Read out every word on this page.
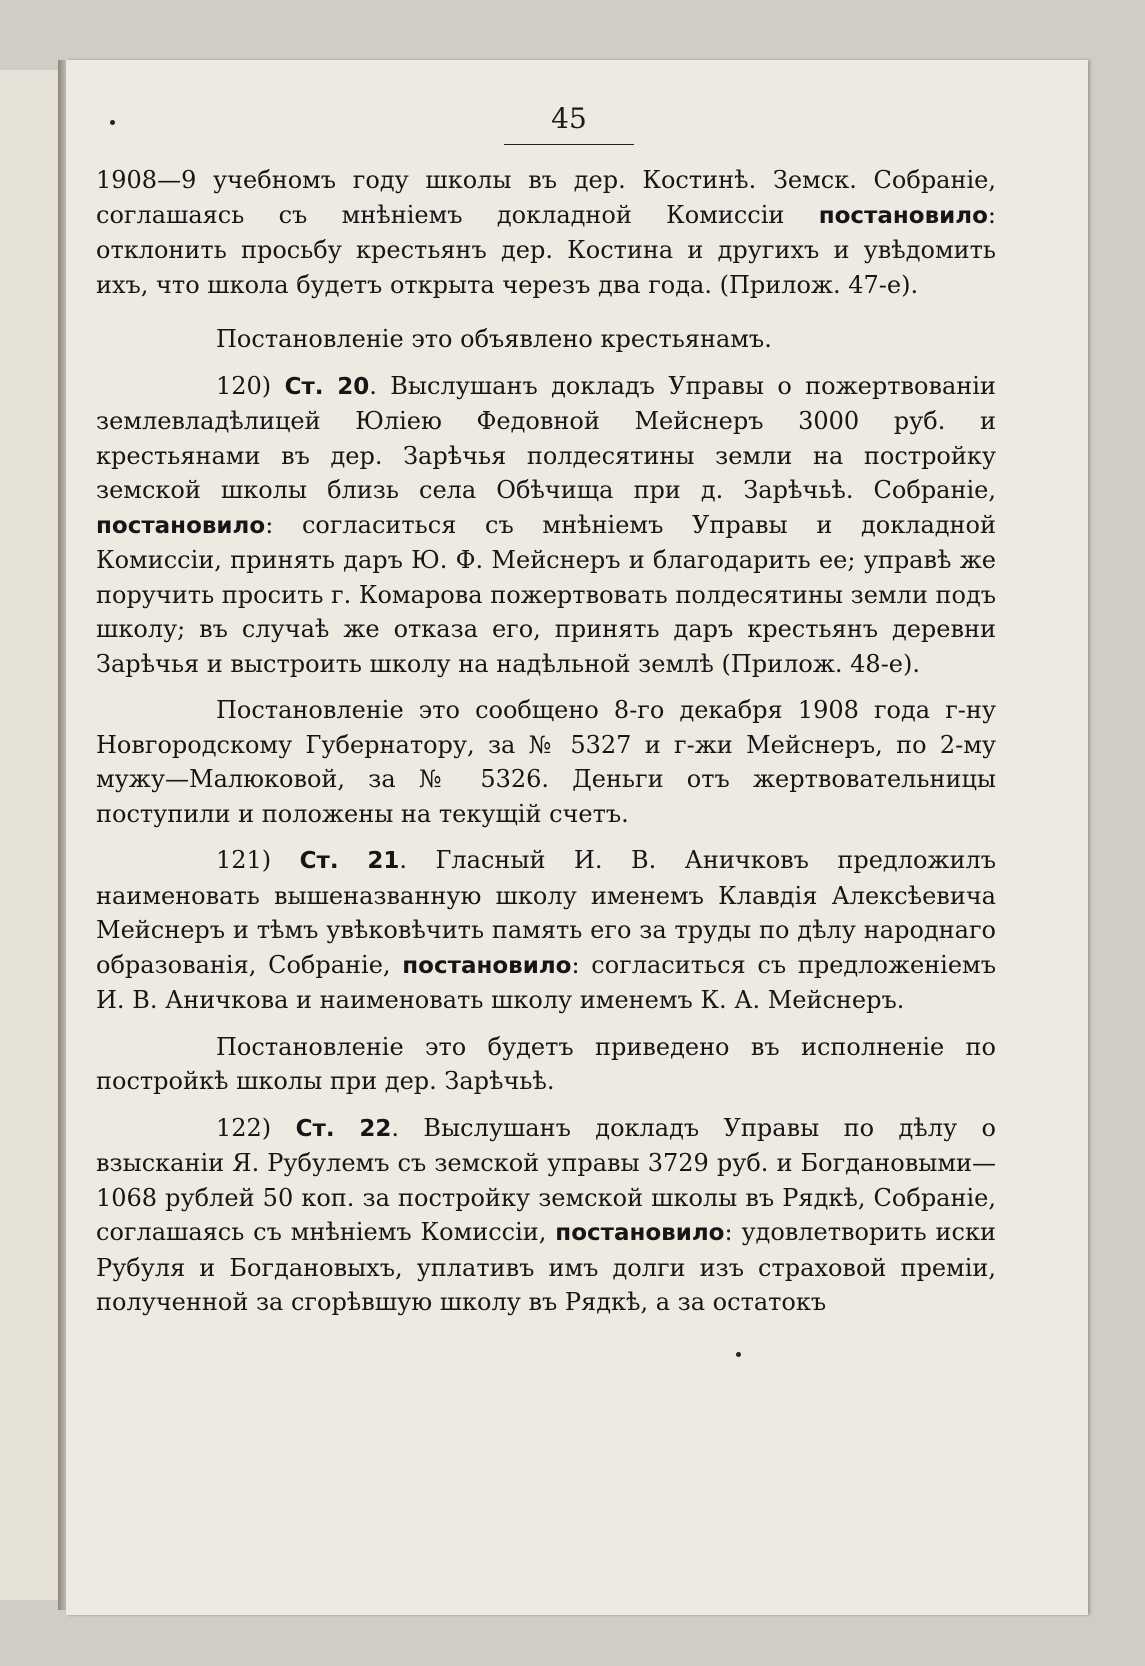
45

1908—9 учебномъ году школы въ дер. Костинѣ. Земск. Собраніе, соглашаясь съ мнѣніемъ докладной Комиссіи постановило: отклонить просьбу крестьянъ дер. Костина и другихъ и увѣдомить ихъ, что школа будетъ открыта черезъ два года. (Прилож. 47-е).

Постановленіе это объявлено крестьянамъ.

120) Ст. 20. Выслушанъ докладъ Управы о пожертвованіи землевладѣлицей Юліею Федовной Мейснеръ 3000 руб. и крестьянами въ дер. Зарѣчья полдесятины земли на постройку земской школы близь села Обѣчища при д. Зарѣчьѣ. Собраніе, постановило: согласиться съ мнѣніемъ Управы и докладной Комиссіи, принять даръ Ю. Ф. Мейснеръ и благодарить ее; управѣ же поручить просить г. Комарова пожертвовать полдесятины земли подъ школу; въ случаѣ же отказа его, принять даръ крестьянъ деревни Зарѣчья и выстроить школу на надѣльной землѣ (Прилож. 48-е).

Постановленіе это сообщено 8-го декабря 1908 года г-ну Новгородскому Губернатору, за № 5327 и г-жи Мейснеръ, по 2-му мужу—Малюковой, за № 5326. Деньги отъ жертвовательницы поступили и положены на текущій счетъ.

121) Ст. 21. Гласный И. В. Аничковъ предложилъ наименовать вышеназванную школу именемъ Клавдія Алексѣевича Мейснеръ и тѣмъ увѣковѣчить память его за труды по дѣлу народнаго образованія, Собраніе, постановило: согласиться съ предложеніемъ И. В. Аничкова и наименовать школу именемъ К. А. Мейснеръ.

Постановленіе это будетъ приведено въ исполненіе по постройкѣ школы при дер. Зарѣчьѣ.

122) Ст. 22. Выслушанъ докладъ Управы по дѣлу о взысканіи Я. Рубулемъ съ земской управы 3729 руб. и Богдановыми—1068 рублей 50 коп. за постройку земской школы въ Рядкѣ, Собраніе, соглашаясь съ мнѣніемъ Комиссіи, постановило: удовлетворить иски Рубуля и Богдановыхъ, уплативъ имъ долги изъ страховой преміи, полученной за сгорѣвшую школу въ Рядкѣ, а за остатокъ
